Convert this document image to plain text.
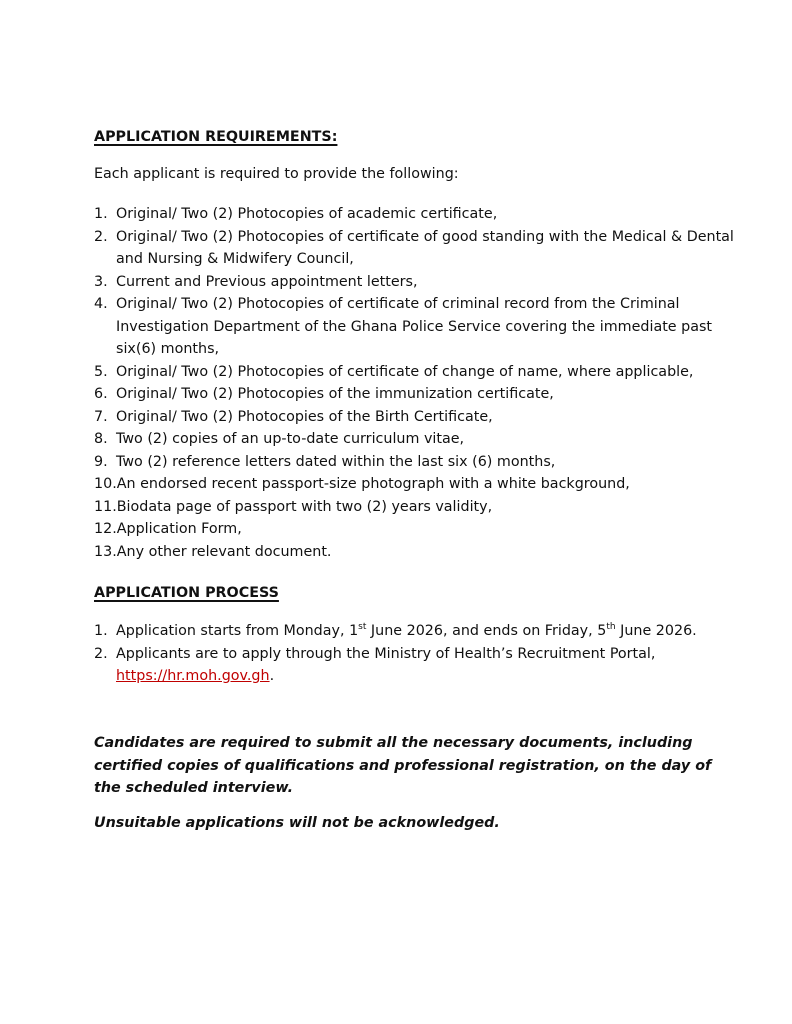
APPLICATION REQUIREMENTS:
Each applicant is required to provide the following:
1. Original/ Two (2) Photocopies of academic certificate,
2. Original/ Two (2) Photocopies of certificate of good standing with the Medical & Dental and Nursing & Midwifery Council,
3. Current and Previous appointment letters,
4. Original/ Two (2) Photocopies of certificate of criminal record from the Criminal Investigation Department of the Ghana Police Service covering the immediate past six(6) months,
5. Original/ Two (2) Photocopies of certificate of change of name, where applicable,
6. Original/ Two (2) Photocopies of the immunization certificate,
7. Original/ Two (2) Photocopies of the Birth Certificate,
8. Two (2) copies of an up-to-date curriculum vitae,
9. Two (2) reference letters dated within the last six (6) months,
10. An endorsed recent passport-size photograph with a white background,
11. Biodata page of passport with two (2) years validity,
12. Application Form,
13. Any other relevant document.
APPLICATION PROCESS
1. Application starts from Monday, 1st June 2026, and ends on Friday, 5th June 2026.
2. Applicants are to apply through the Ministry of Health’s Recruitment Portal, https://hr.moh.gov.gh.

Candidates are required to submit all the necessary documents, including certified copies of qualifications and professional registration, on the day of the scheduled interview.

Unsuitable applications will not be acknowledged.
